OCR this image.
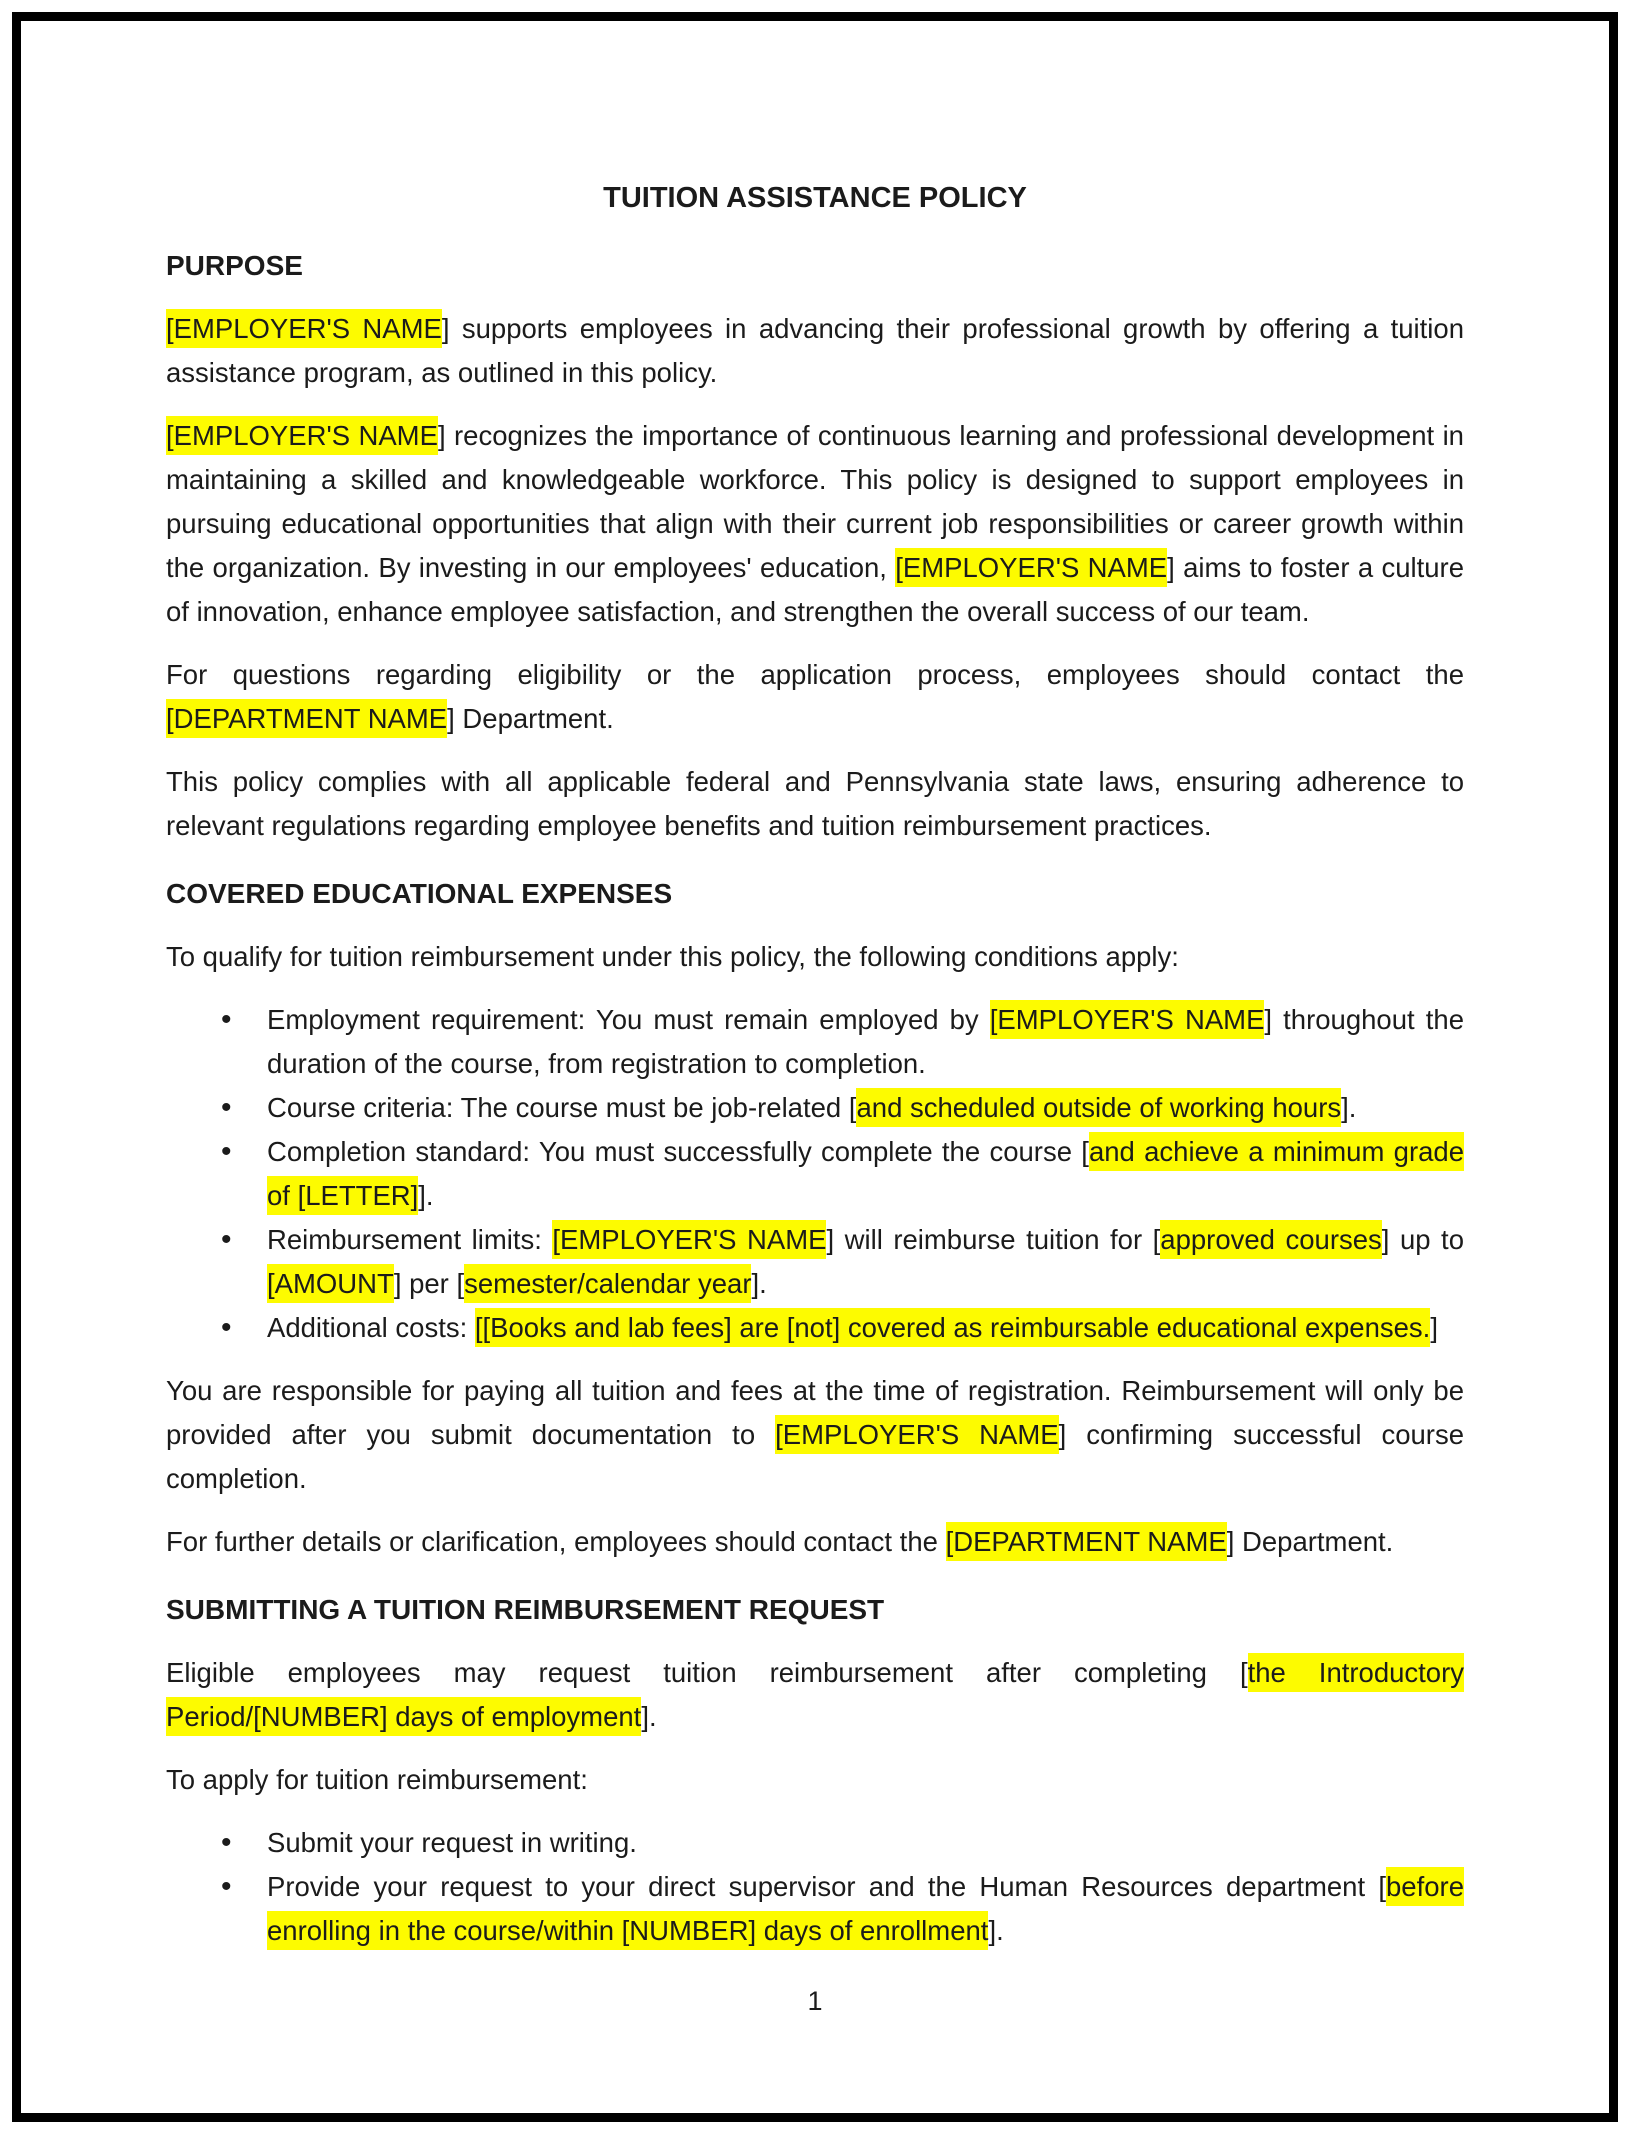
TUITION ASSISTANCE POLICY
PURPOSE

[EMPLOYER'S NAME] supports employees in advancing their professional growth by offering a tuition assistance program, as outlined in this policy.

[EMPLOYER'S NAME] recognizes the importance of continuous learning and professional development in maintaining a skilled and knowledgeable workforce. This policy is designed to support employees in pursuing educational opportunities that align with their current job responsibilities or career growth within the organization. By investing in our employees' education, [EMPLOYER'S NAME] aims to foster a culture of innovation, enhance employee satisfaction, and strengthen the overall success of our team.

For questions regarding eligibility or the application process, employees should contact the [DEPARTMENT NAME] Department.

This policy complies with all applicable federal and Pennsylvania state laws, ensuring adherence to relevant regulations regarding employee benefits and tuition reimbursement practices.

COVERED EDUCATIONAL EXPENSES

To qualify for tuition reimbursement under this policy, the following conditions apply:

• Employment requirement: You must remain employed by [EMPLOYER'S NAME] throughout the duration of the course, from registration to completion.
• Course criteria: The course must be job-related [and scheduled outside of working hours].
• Completion standard: You must successfully complete the course [and achieve a minimum grade of [LETTER]].
• Reimbursement limits: [EMPLOYER'S NAME] will reimburse tuition for [approved courses] up to [AMOUNT] per [semester/calendar year].
• Additional costs: [[Books and lab fees] are [not] covered as reimbursable educational expenses.]

You are responsible for paying all tuition and fees at the time of registration. Reimbursement will only be provided after you submit documentation to [EMPLOYER'S NAME] confirming successful course completion.

For further details or clarification, employees should contact the [DEPARTMENT NAME] Department.

SUBMITTING A TUITION REIMBURSEMENT REQUEST

Eligible employees may request tuition reimbursement after completing [the Introductory Period/[NUMBER] days of employment].

To apply for tuition reimbursement:

• Submit your request in writing.
• Provide your request to your direct supervisor and the Human Resources department [before enrolling in the course/within [NUMBER] days of enrollment].
1
